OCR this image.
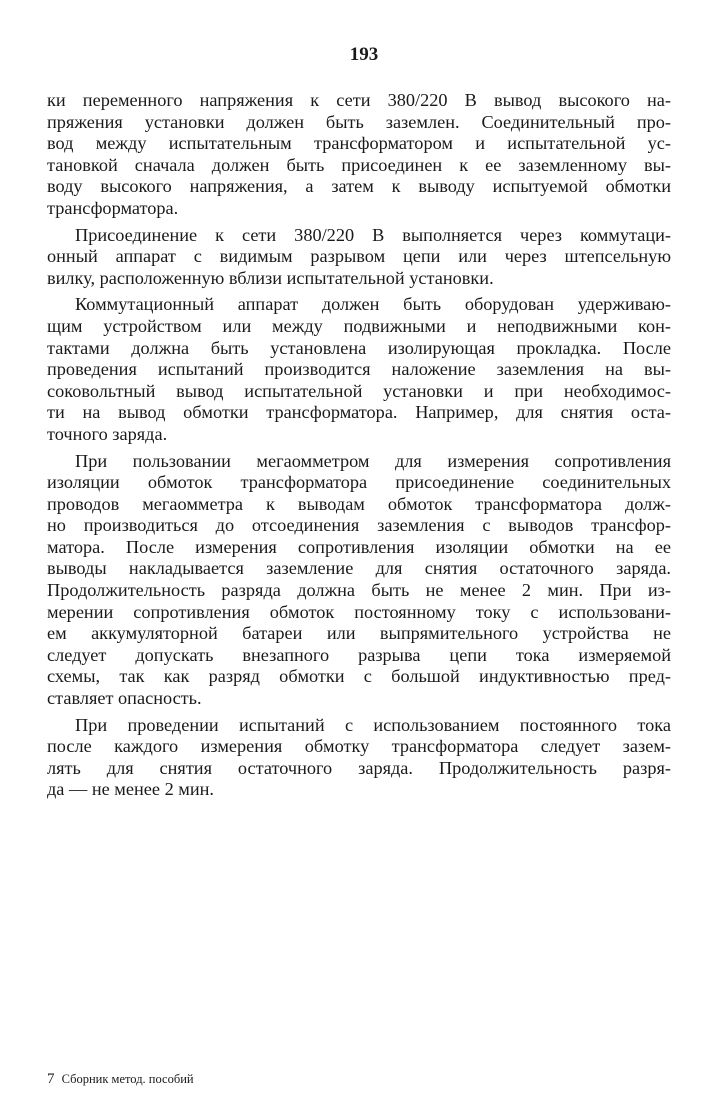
193
ки переменного напряжения к сети 380/220 В вывод высокого на-
пряжения установки должен быть заземлен. Соединительный про-
вод между испытательным трансформатором и испытательной ус-
тановкой сначала должен быть присоединен к ее заземленному вы-
воду высокого напряжения, а затем к выводу испытуемой обмотки
трансформатора.
Присоединение к сети 380/220 В выполняется через коммутаци-
онный аппарат с видимым разрывом цепи или через штепсельную
вилку, расположенную вблизи испытательной установки.
Коммутационный аппарат должен быть оборудован удерживаю-
щим устройством или между подвижными и неподвижными кон-
тактами должна быть установлена изолирующая прокладка. После
проведения испытаний производится наложение заземления на вы-
соковольтный вывод испытательной установки и при необходимос-
ти на вывод обмотки трансформатора. Например, для снятия оста-
точного заряда.
При пользовании мегаомметром для измерения сопротивления
изоляции обмоток трансформатора присоединение соединительных
проводов мегаомметра к выводам обмоток трансформатора долж-
но производиться до отсоединения заземления с выводов трансфор-
матора. После измерения сопротивления изоляции обмотки на ее
выводы накладывается заземление для снятия остаточного заряда.
Продолжительность разряда должна быть не менее 2 мин. При из-
мерении сопротивления обмоток постоянному току с использовани-
ем аккумуляторной батареи или выпрямительного устройства не
следует допускать внезапного разрыва цепи тока измеряемой
схемы, так как разряд обмотки с большой индуктивностью пред-
ставляет опасность.
При проведении испытаний с использованием постоянного тока
после каждого измерения обмотку трансформатора следует зазем-
лять для снятия остаточного заряда. Продолжительность разря-
да — не менее 2 мин.
7 Сборник метод. пособий
